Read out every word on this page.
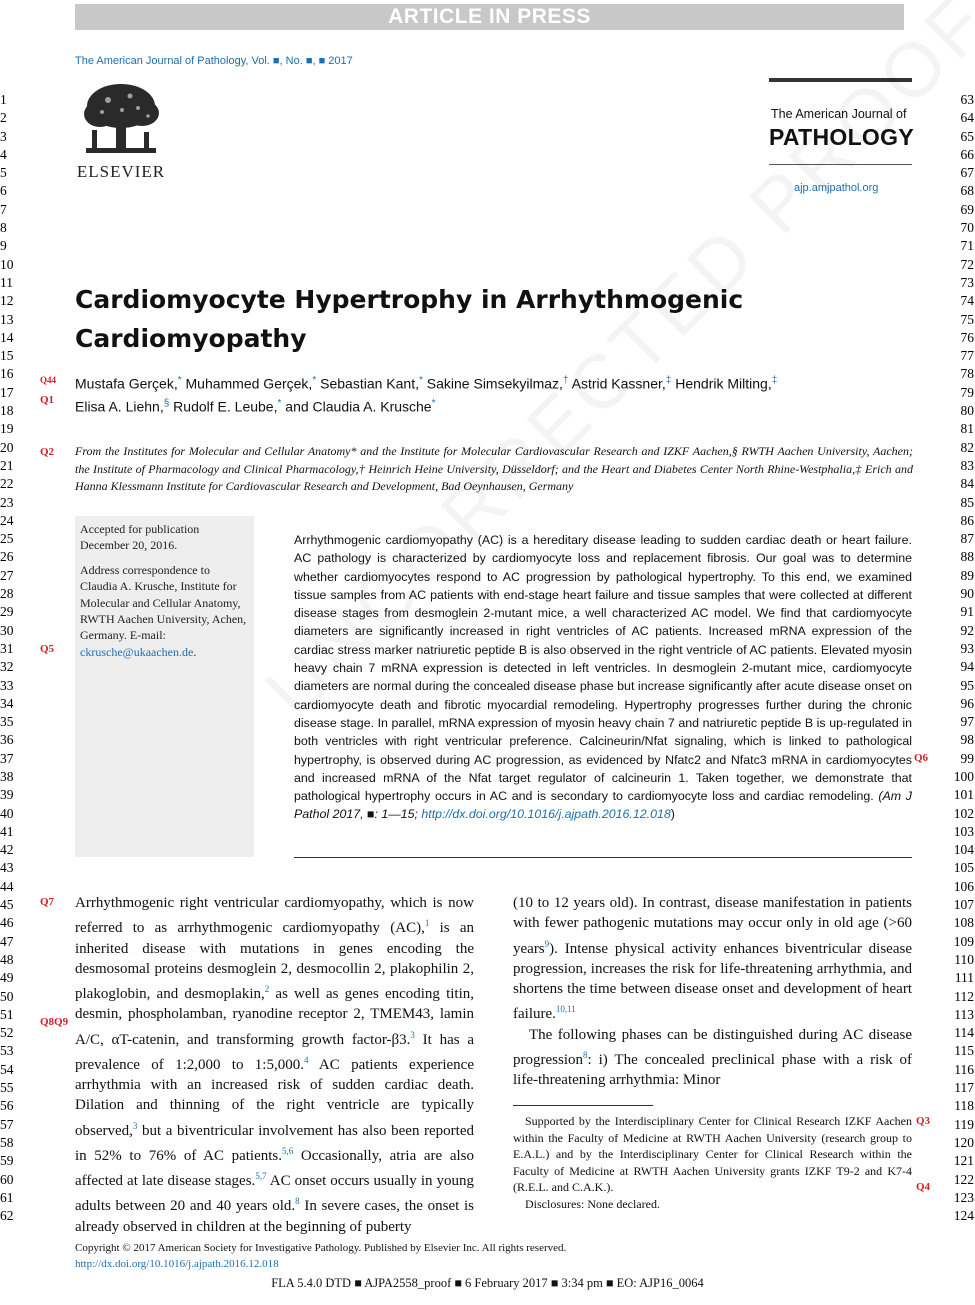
ARTICLE IN PRESS
The American Journal of Pathology, Vol. ■, No. ■, ■ 2017
1
2
3
4
5
6
7
8
9
10
11
12
13
14
15
16
17
18
19
20
21
22
23
24
25
26
27
28
29
30
31
32
33
34
35
36
37
38
39
40
41
42
43
44
45
46
47
48
49
50
51
52
53
54
55
56
57
58
59
60
61
62
63
64
65
66
67
68
69
70
71
72
73
74
75
76
77
78
79
80
81
82
83
84
85
86
87
88
89
90
91
92
93
94
95
96
97
98
99
100
101
102
103
104
105
106
107
108
109
110
111
112
113
114
115
116
117
118
119
120
121
122
123
124
ELSEVIER
The American Journal of
PATHOLOGY
ajp.amjpathol.org
Cardiomyocyte Hypertrophy in Arrhythmogenic
Cardiomyopathy
Q44
Q1
Mustafa Gerçek,* Muhammed Gerçek,* Sebastian Kant,* Sakine Simsekyilmaz,† Astrid Kassner,‡ Hendrik Milting,‡
Elisa A. Liehn,§ Rudolf E. Leube,* and Claudia A. Krusche*
Q2 From the Institutes for Molecular and Cellular Anatomy* and the Institute for Molecular Cardiovascular Research and IZKF Aachen,§ RWTH Aachen University, Aachen; the Institute of Pharmacology and Clinical Pharmacology,† Heinrich Heine University, Düsseldorf; and the Heart and Diabetes Center North Rhine-Westphalia,‡ Erich and Hanna Klessmann Institute for Cardiovascular Research and Development, Bad Oeynhausen, Germany

Accepted for publication December 20, 2016.

Address correspondence to Claudia A. Krusche, Institute for Molecular and Cellular Anatomy, RWTH Aachen University, Achen, Germany. E-mail: ckrusche@ukaachen.de.

Q5
Arrhythmogenic cardiomyopathy (AC) is a hereditary disease leading to sudden cardiac death or heart failure. AC pathology is characterized by cardiomyocyte loss and replacement fibrosis. Our goal was to determine whether cardiomyocytes respond to AC progression by pathological hypertrophy. To this end, we examined tissue samples from AC patients with end-stage heart failure and tissue samples that were collected at different disease stages from desmoglein 2-mutant mice, a well characterized AC model. We find that cardiomyocyte diameters are significantly increased in right ventricles of AC patients. Increased mRNA expression of the cardiac stress marker natriuretic peptide B is also observed in the right ventricle of AC patients. Elevated myosin heavy chain 7 mRNA expression is detected in left ventricles. In desmoglein 2-mutant mice, cardiomyocyte diameters are normal during the concealed disease phase but increase significantly after acute disease onset on cardiomyocyte death and fibrotic myocardial remodeling. Hypertrophy progresses further during the chronic disease stage. In parallel, mRNA expression of myosin heavy chain 7 and natriuretic peptide B is up-regulated in both ventricles with right ventricular preference. Calcineurin/Nfat signaling, which is linked to pathological hypertrophy, is observed during AC progression, as evidenced by Nfatc2 and Nfatc3 mRNA in cardiomyocytes and increased mRNA of the Nfat target regulator of calcineurin 1. Taken together, we demonstrate that pathological hypertrophy occurs in AC and is secondary to cardiomyocyte loss and cardiac remodeling. (Am J Pathol 2017, ■: 1—15; http://dx.doi.org/10.1016/j.ajpath.2016.12.018)
Q6
Q7
Q8Q9

Arrhythmogenic right ventricular cardiomyopathy, which is now referred to as arrhythmogenic cardiomyopathy (AC),$^1$ is an inherited disease with mutations in genes encoding the desmosomal proteins desmoglein 2, desmocollin 2, plakophilin 2, plakoglobin, and desmoplakin,$^2$ as well as genes encoding titin, desmin, phospholamban, ryanodine receptor 2, TMEM43, lamin A/C, αT-catenin, and transforming growth factor-β3.$^3$ It has a prevalence of 1:2,000 to 1:5,000.$^4$ AC patients experience arrhythmia with an increased risk of sudden cardiac death. Dilation and thinning of the right ventricle are typically observed,$^3$ but a biventricular involvement has also been reported in 52% to 76% of AC patients.$^{5,6}$ Occasionally, atria are also affected at late disease stages.$^{5,7}$ AC onset occurs usually in young adults between 20 and 40 years old.$^8$ In severe cases, the onset is already observed in children at the beginning of puberty

(10 to 12 years old). In contrast, disease manifestation in patients with fewer pathogenic mutations may occur only in old age (>60 years$^9$). Intense physical activity enhances biventricular disease progression, increases the risk for life-threatening arrhythmia, and shortens the time between disease onset and development of heart failure.$^{10,11}$

The following phases can be distinguished during AC disease progression$^8$: i) The concealed preclinical phase with a risk of life-threatening arrhythmia: Minor

Supported by the Interdisciplinary Center for Clinical Research IZKF Aachen within the Faculty of Medicine at RWTH Aachen University (research group to E.A.L.) and by the Interdisciplinary Center for Clinical Research within the Faculty of Medicine at RWTH Aachen University grants IZKF T9-2 and K7-4 (R.E.L. and C.A.K.).

Disclosures: None declared.

Q3
Q4
Copyright © 2017 American Society for Investigative Pathology. Published by Elsevier Inc. All rights reserved.
http://dx.doi.org/10.1016/j.ajpath.2016.12.018
FLA 5.4.0 DTD ■ AJPA2558_proof ■ 6 February 2017 ■ 3:34 pm ■ EO: AJP16_0064
